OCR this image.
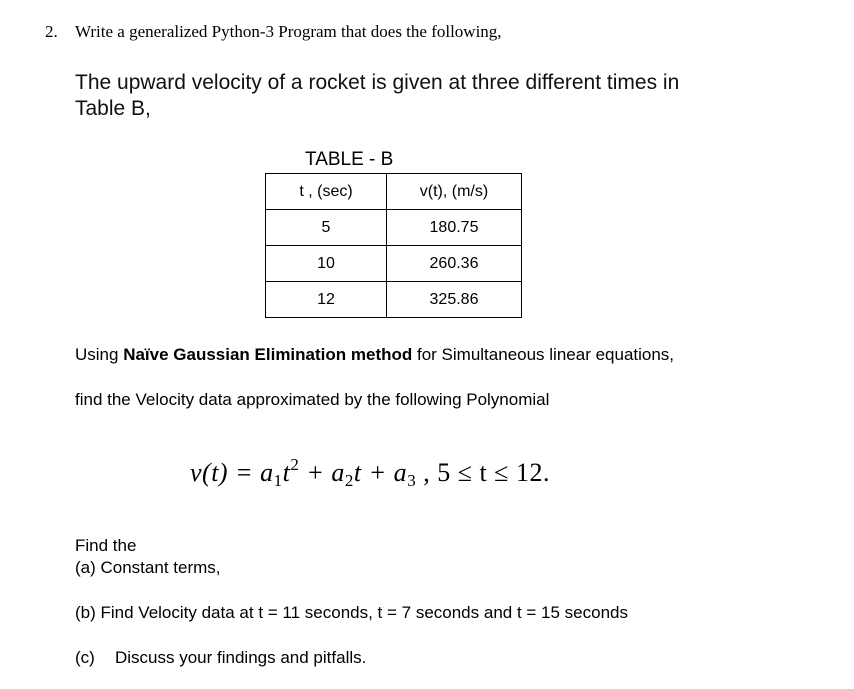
2. Write a generalized Python-3 Program that does the following,
The upward velocity of a rocket is given at three different times in
Table B,
TABLE - B
t , (sec)	v(t), (m/s)
5	180.75
10	260.36
12	325.86
Using Naïve Gaussian Elimination method for Simultaneous linear equations,
find the Velocity data approximated by the following Polynomial
$v(t) = a1t^2 + a2t + a3$ , 5 ≤ t ≤ 12.
Find the
(a) Constant terms,
(b) Find Velocity data at t = 11 seconds, t = 7 seconds and t = 15 seconds
(c) Discuss your findings and pitfalls.
